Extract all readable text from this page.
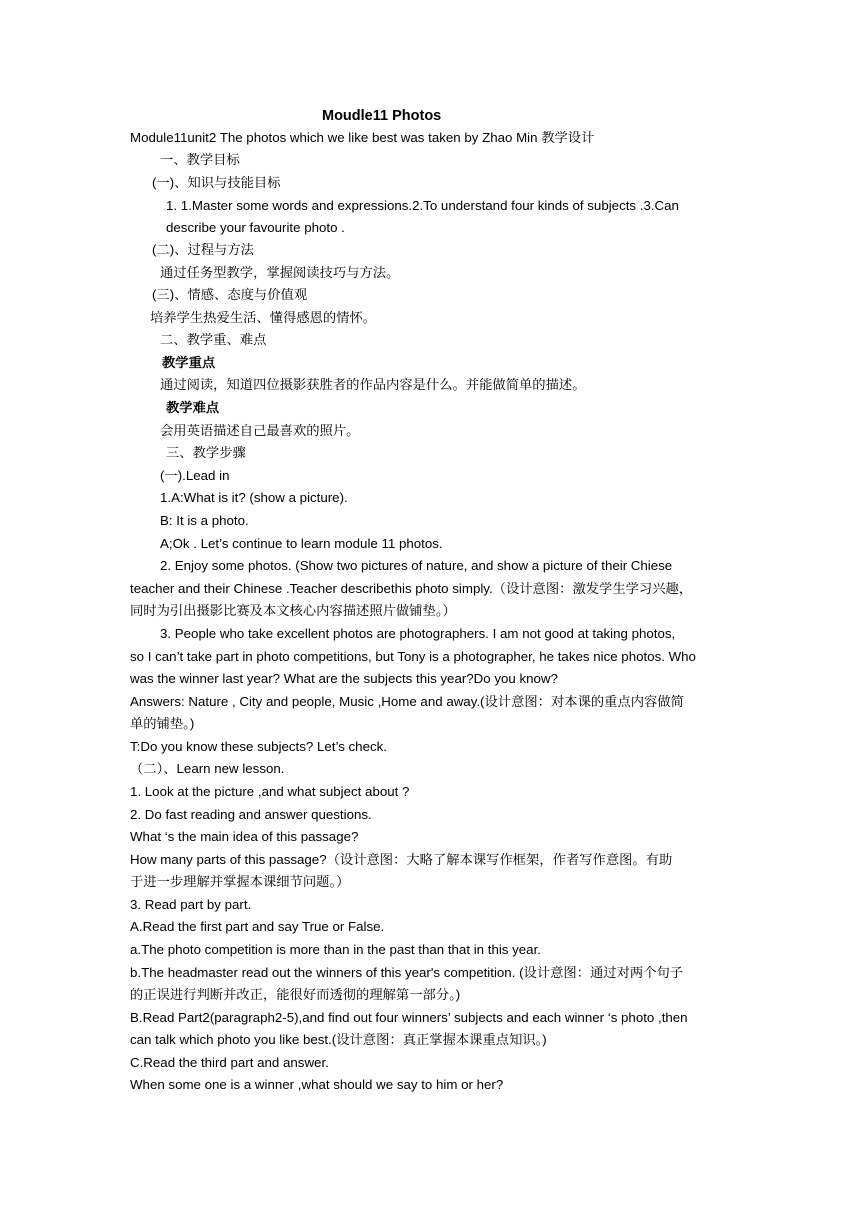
Moudle11 Photos
Module11unit2 The photos which we like best was taken by Zhao Min 教学设计
一、教学目标
(一)、知识与技能目标
1. 1.Master some words and expressions.2.To understand four kinds of subjects .3.Can
describe your favourite photo .
(二)、过程与方法
通过任务型教学，掌握阅读技巧与方法。
(三)、情感、态度与价值观
培养学生热爱生活、懂得感恩的情怀。
二、教学重、难点
教学重点
通过阅读，知道四位摄影获胜者的作品内容是什么。并能做简单的描述。
教学难点
会用英语描述自己最喜欢的照片。
三、教学步骤
(一).Lead in
1.A:What is it? (show a picture).
B: It is a photo.
A;Ok . Let’s continue to learn module 11 photos.
2. Enjoy some photos. (Show two pictures of nature, and show a picture of their Chiese
teacher and their Chinese .Teacher describethis photo simply.（设计意图：激发学生学习兴趣，
同时为引出摄影比赛及本文核心内容描述照片做铺垫。）
3. People who take excellent photos are photographers. I am not good at taking photos,
so I can’t take part in photo competitions, but Tony is a photographer, he takes nice photos. Who
was the winner last year? What are the subjects this year?Do you know?
Answers: Nature , City and people, Music ,Home and away.(设计意图：对本课的重点内容做简
单的铺垫。)
T:Do you know these subjects? Let’s check.
（二）、Learn new lesson.
1. Look at the picture ,and what subject about ?
2. Do fast reading and answer questions.
What ‘s the main idea of this passage?
How many parts of this passage?（设计意图：大略了解本课写作框架，作者写作意图。有助
于进一步理解并掌握本课细节问题。）
3. Read part by part.
A.Read the first part and say True or False.
a.The photo competition is more than in the past than that in this year.
b.The headmaster read out the winners of this year's competition. (设计意图：通过对两个句子
的正误进行判断并改正，能很好而透彻的理解第一部分。)
B.Read Part2(paragraph2-5),and find out four winners’ subjects and each winner ‘s photo ,then
can talk which photo you like best.(设计意图：真正掌握本课重点知识。)
C.Read the third part and answer.
When some one is a winner ,what should we say to him or her?
